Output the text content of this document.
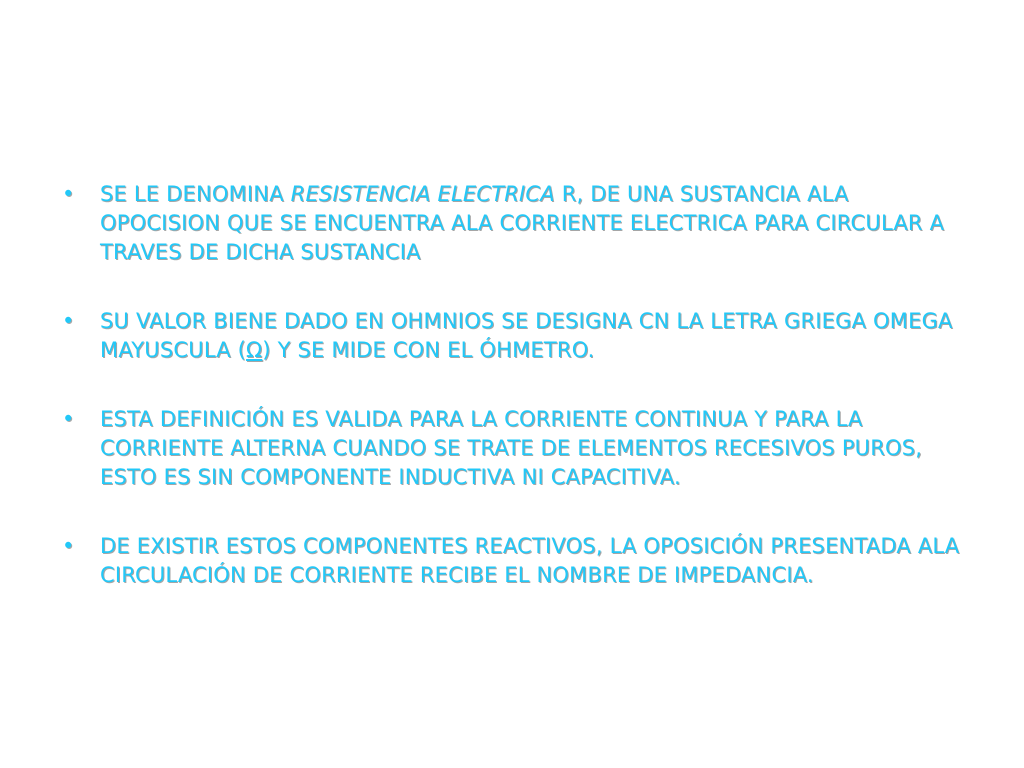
• SE LE DENOMINA RESISTENCIA ELECTRICA R, DE UNA SUSTANCIA ALA OPOCISION QUE SE ENCUENTRA ALA CORRIENTE ELECTRICA PARA CIRCULAR A TRAVES DE DICHA SUSTANCIA
• SU VALOR BIENE DADO EN OHMNIOS SE DESIGNA CN LA LETRA GRIEGA OMEGA MAYUSCULA (Ω) Y SE MIDE CON EL ÓHMETRO.
• ESTA DEFINICIÓN ES VALIDA PARA LA CORRIENTE CONTINUA Y PARA LA CORRIENTE ALTERNA CUANDO SE TRATE DE ELEMENTOS RECESIVOS PUROS, ESTO ES SIN COMPONENTE INDUCTIVA NI CAPACITIVA.
• DE EXISTIR ESTOS COMPONENTES REACTIVOS, LA OPOSICIÓN PRESENTADA ALA CIRCULACIÓN DE CORRIENTE RECIBE EL NOMBRE DE IMPEDANCIA.
